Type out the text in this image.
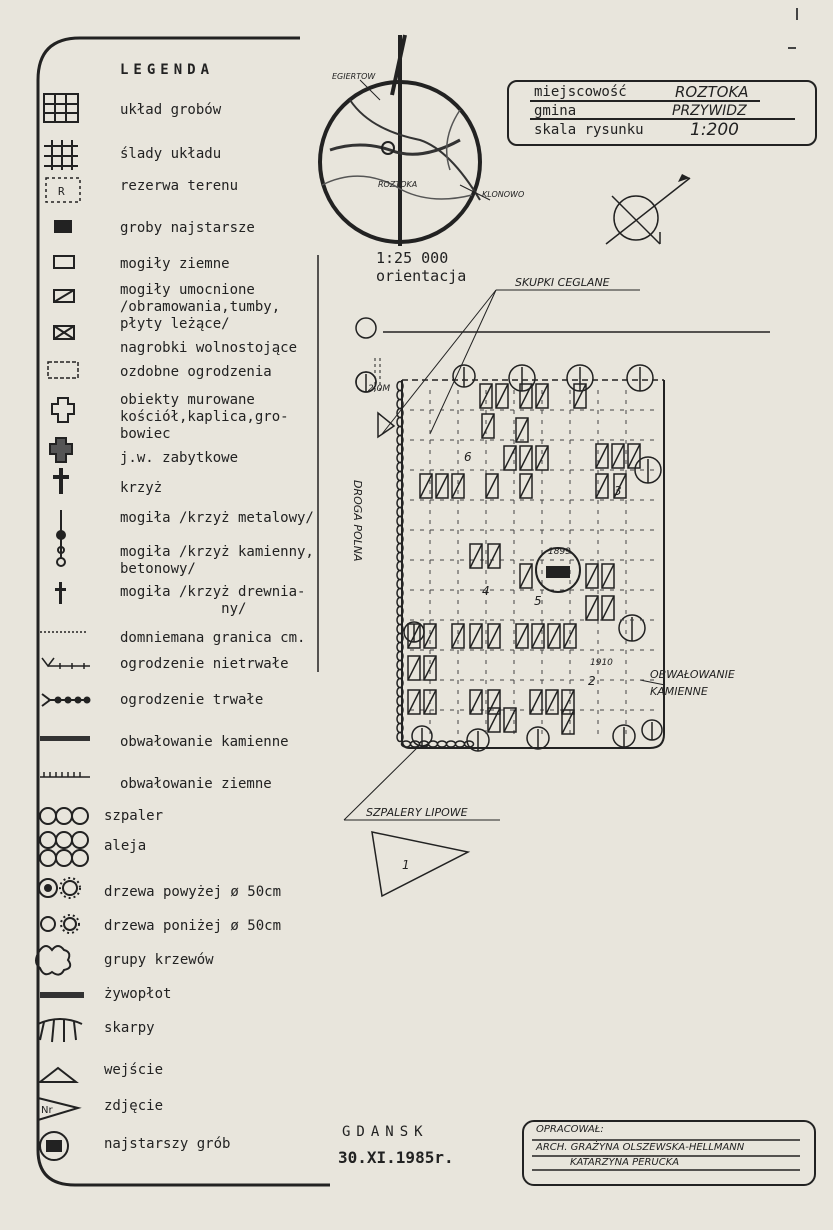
LEGENDA
R
Nr
układ grobów
ślady układu
rezerwa terenu
groby najstarsze
mogiły ziemne
mogiły umocnione
/obramowania,tumby,
płyty leżące/
nagrobki wolnostojące
ozdobne ogrodzenia
obiekty murowane
kościół,kaplica,gro-
bowiec
j.w. zabytkowe
krzyż
mogiła /krzyż metalowy/
mogiła /krzyż kamienny,
betonowy/
mogiła /krzyż drewnia-
ny/
domniemana granica cm.
ogrodzenie nietrwałe
ogrodzenie trwałe
obwałowanie kamienne
obwałowanie ziemne
szpaler
aleja
drzewa powyżej ø 50cm
drzewa poniżej ø 50cm
grupy krzewów
żywopłot
skarpy
wejście
zdjęcie
najstarszy grób
miejscowość	ROZTOKA
gmina	PRZYWIDZ
skala rysunku	1:200
EGIERTOW
ROZTOKA
KLONOWO
1:25 000
orientacja	SKUPKI CEGLANE
DROGA POLNA
2,0M
OBWAŁOWANIE
KAMIENNE
SZPALERY LIPOWE
1
2
3
4
5
6
1899
1910
GDANSK
30.XI.1985r.
OPRACOWAŁ:
ARCH. GRAŻYNA OLSZEWSKA-HELLMANN
KATARZYNA PERUCKA
